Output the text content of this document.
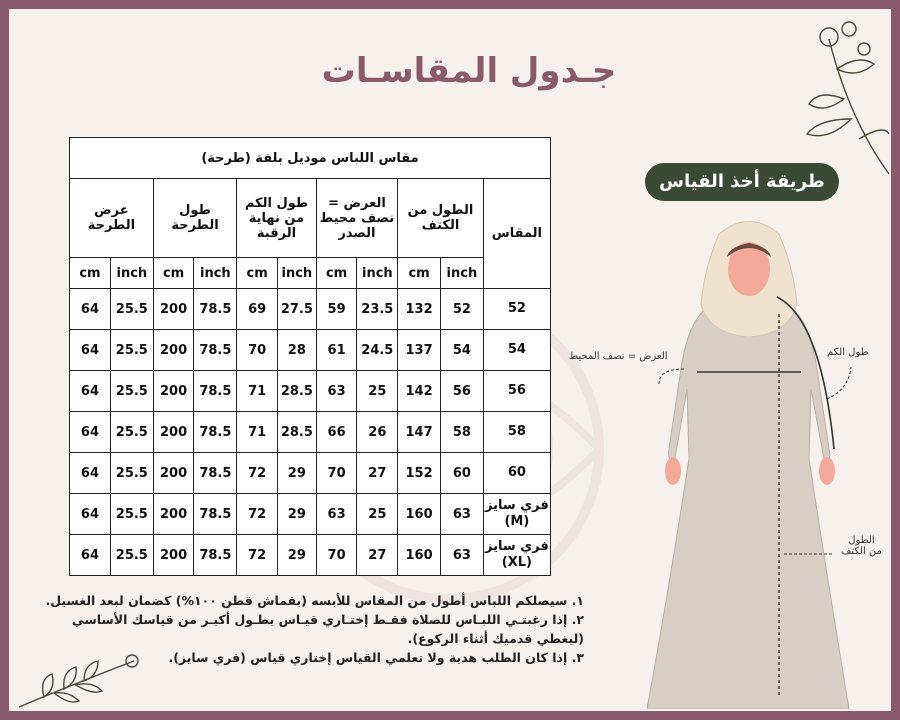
جـدول المقاسـات
مقاس اللباس موديل بلفة (طرحة)										
المقاس	الطول من الكتف		العرض = نصف محيط الصدر		طول الكم من نهاية الرقبة		طول الطرحة		عرض الطرحة	
	inch	cm	inch	cm	inch	cm	inch	cm	inch	cm
52	52	132	23.5	59	27.5	69	78.5	200	25.5	64
54	54	137	24.5	61	28	70	78.5	200	25.5	64
56	56	142	25	63	28.5	71	78.5	200	25.5	64
58	58	147	26	66	28.5	71	78.5	200	25.5	64
60	60	152	27	70	29	72	78.5	200	25.5	64
فري سايز (M)	63	160	25	63	29	72	78.5	200	25.5	64
فري سايز (XL)	63	160	27	70	29	72	78.5	200	25.5	64
١. سيصلكم اللباس أطول من المقاس للأبسه (بقماش قطن ١٠٠%) كضمان لبعد الغسيل.
٢. إذا رغبتـي اللبـاس للصلاة فقـط إختـاري قيـاس بطـول أكبـر من قياسك الأساسي
(ليغطي قدميك أثناء الركوع).
٣. إذا كان الطلب هدية ولا تعلمي القياس إختاري قياس (فري سايز).
طريقة أخذ القياس
العرض = نصف المحيط	طول الكم
الطول
من الكتف
